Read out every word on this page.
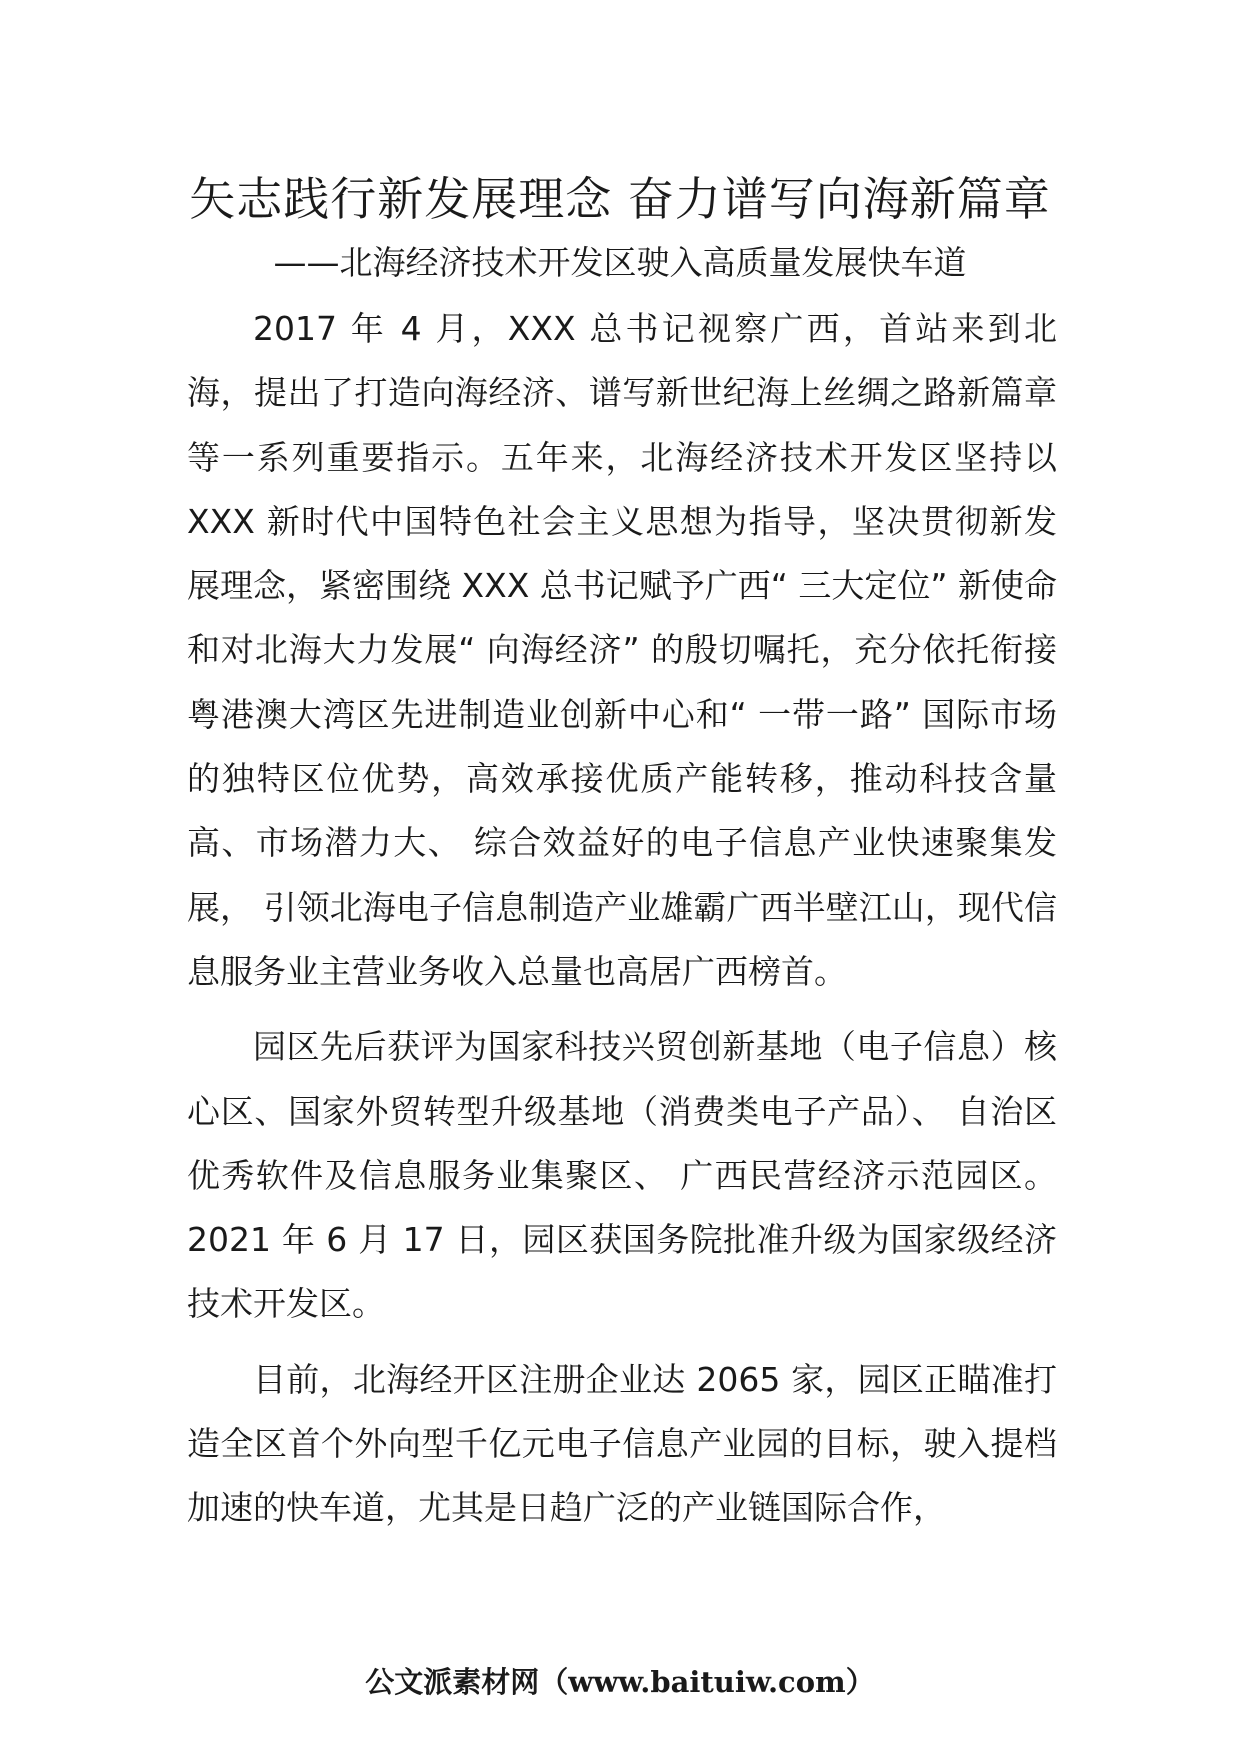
矢志践行新发展理念 奋力谱写向海新篇章
——北海经济技术开发区驶入高质量发展快车道

2017 年 4 月，XXX 总书记视察广西，首站来到北海，提出了打造向海经济、谱写新世纪海上丝绸之路新篇章等一系列重要指示。五年来，北海经济技术开发区坚持以 XXX 新时代中国特色社会主义思想为指导，坚决贯彻新发展理念，紧密围绕 XXX 总书记赋予广西“ 三大定位” 新使命和对北海大力发展“ 向海经济” 的殷切嘱托，充分依托衔接粤港澳大湾区先进制造业创新中心和“ 一带一路” 国际市场的独特区位优势，高效承接优质产能转移，推动科技含量高、市场潜力大、 综合效益好的电子信息产业快速聚集发展， 引领北海电子信息制造产业雄霸广西半壁江山，现代信息服务业主营业务收入总量也高居广西榜首。

园区先后获评为国家科技兴贸创新基地（电子信息）核心区、国家外贸转型升级基地（消费类电子产品）、 自治区优秀软件及信息服务业集聚区、 广西民营经济示范园区。 2021 年 6 月 17 日，园区获国务院批准升级为国家级经济技术开发区。

目前，北海经开区注册企业达 2065 家，园区正瞄准打造全区首个外向型千亿元电子信息产业园的目标，驶入提档加速的快车道，尤其是日趋广泛的产业链国际合作，

公文派素材网（www.baituiw.com）
